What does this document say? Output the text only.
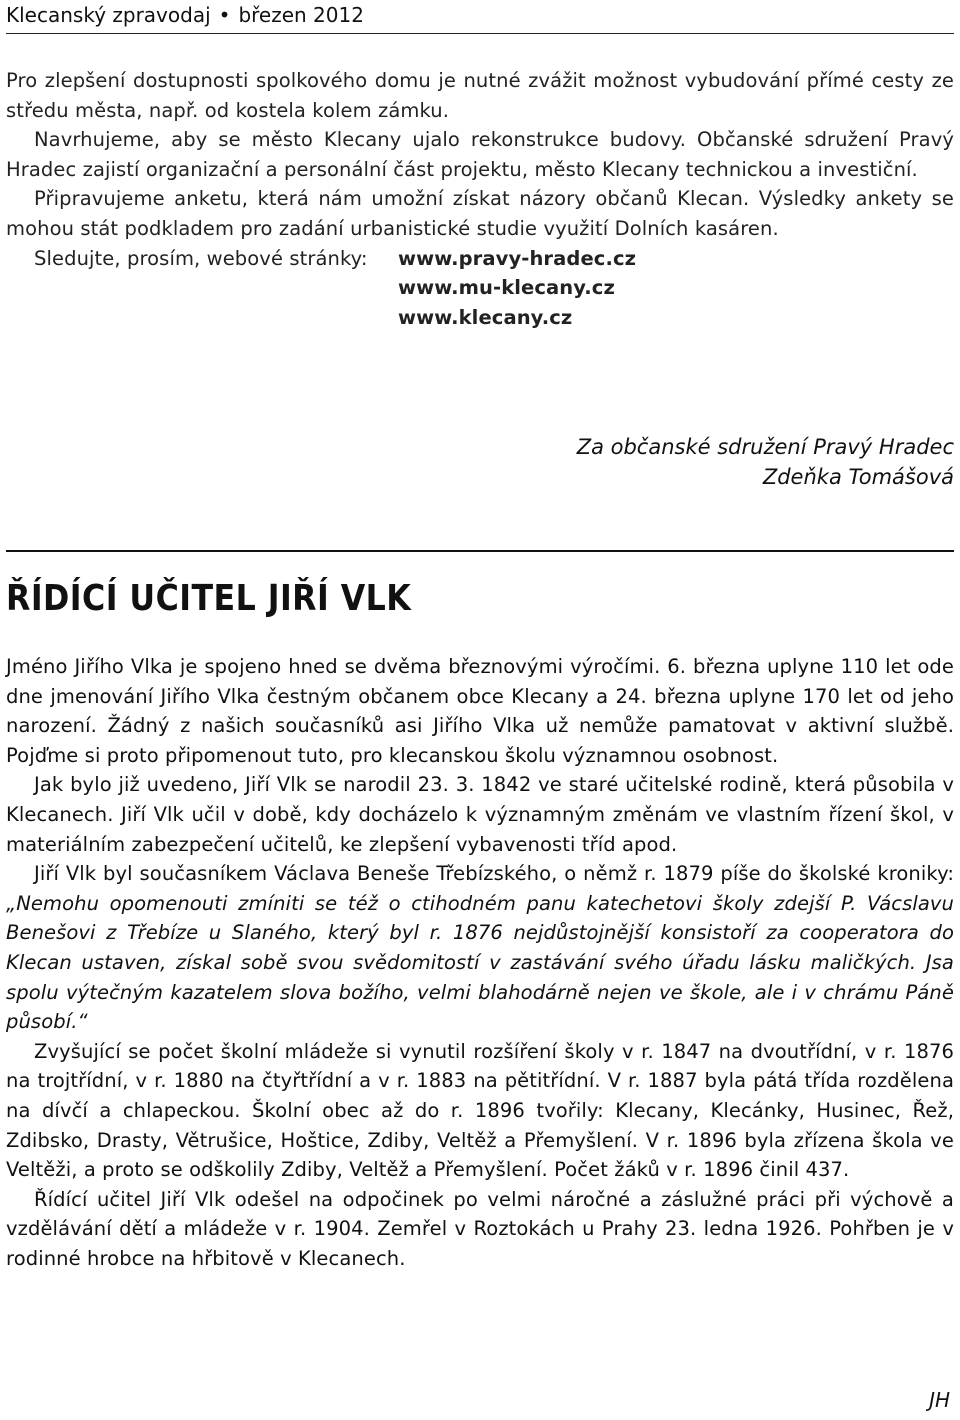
Klecanský zpravodaj • březen 2012

Pro zlepšení dostupnosti spolkového domu je nutné zvážit možnost vybudování přímé cesty ze středu města, např. od kostela kolem zámku.

Navrhujeme, aby se město Klecany ujalo rekonstrukce budovy. Občanské sdružení Pravý Hradec zajistí organizační a personální část projektu, město Klecany technickou a investiční.

Připravujeme anketu, která nám umožní získat názory občanů Klecan. Výsledky ankety se mohou stát podkladem pro zadání urbanistické studie využití Dolních kasáren.

Sledujte, prosím, webové stránky:	www.pravy-hradec.cz
www.mu-klecany.cz
www.klecany.cz
Za občanské sdružení Pravý Hradec
Zdeňka Tomášová
ŘÍDÍCÍ UČITEL JIŘÍ VLK

Jméno Jiřího Vlka je spojeno hned se dvěma březnovými výročími. 6. března uplyne 110 let ode dne jmenování Jiřího Vlka čestným občanem obce Klecany a 24. března uplyne 170 let od jeho narození. Žádný z našich současníků asi Jiřího Vlka už nemůže pamatovat v aktivní službě. Pojďme si proto připomenout tuto, pro klecanskou školu významnou osobnost.

Jak bylo již uvedeno, Jiří Vlk se narodil 23. 3. 1842 ve staré učitelské rodině, která působila v Klecanech. Jiří Vlk učil v době, kdy docházelo k významným změnám ve vlastním řízení škol, v materiálním zabezpečení učitelů, ke zlepšení vybavenosti tříd apod.

Jiří Vlk byl současníkem Václava Beneše Třebízského, o němž r. 1879 píše do školské kroniky: „Nemohu opomenouti zmíniti se též o ctihodném panu katechetovi školy zdejší P. Vácslavu Benešovi z Třebíze u Slaného, který byl r. 1876 nejdůstojnější konsistoří za cooperatora do Klecan ustaven, získal sobě svou svědomitostí v zastávání svého úřadu lásku maličkých. Jsa spolu výtečným kazatelem slova božího, velmi blahodárně nejen ve škole, ale i v chrámu Páně působí.“

Zvyšující se počet školní mládeže si vynutil rozšíření školy v r. 1847 na dvoutřídní, v r. 1876 na trojtřídní, v r. 1880 na čtyřtřídní a v r. 1883 na pětitřídní. V r. 1887 byla pátá třída rozdělena na dívčí a chlapeckou. Školní obec až do r. 1896 tvořily: Klecany, Klecánky, Husinec, Řež, Zdibsko, Drasty, Větrušice, Hoštice, Zdiby, Veltěž a Přemyšlení. V r. 1896 byla zřízena škola ve Veltěži, a proto se odškolily Zdiby, Veltěž a Přemyšlení. Počet žáků v r. 1896 činil 437.

Řídící učitel Jiří Vlk odešel na odpočinek po velmi náročné a záslužné práci při výchově a vzdělávání dětí a mládeže v r. 1904. Zemřel v Roztokách u Prahy 23. ledna 1926. Pohřben je v rodinné hrobce na hřbitově v Klecanech.

JH
